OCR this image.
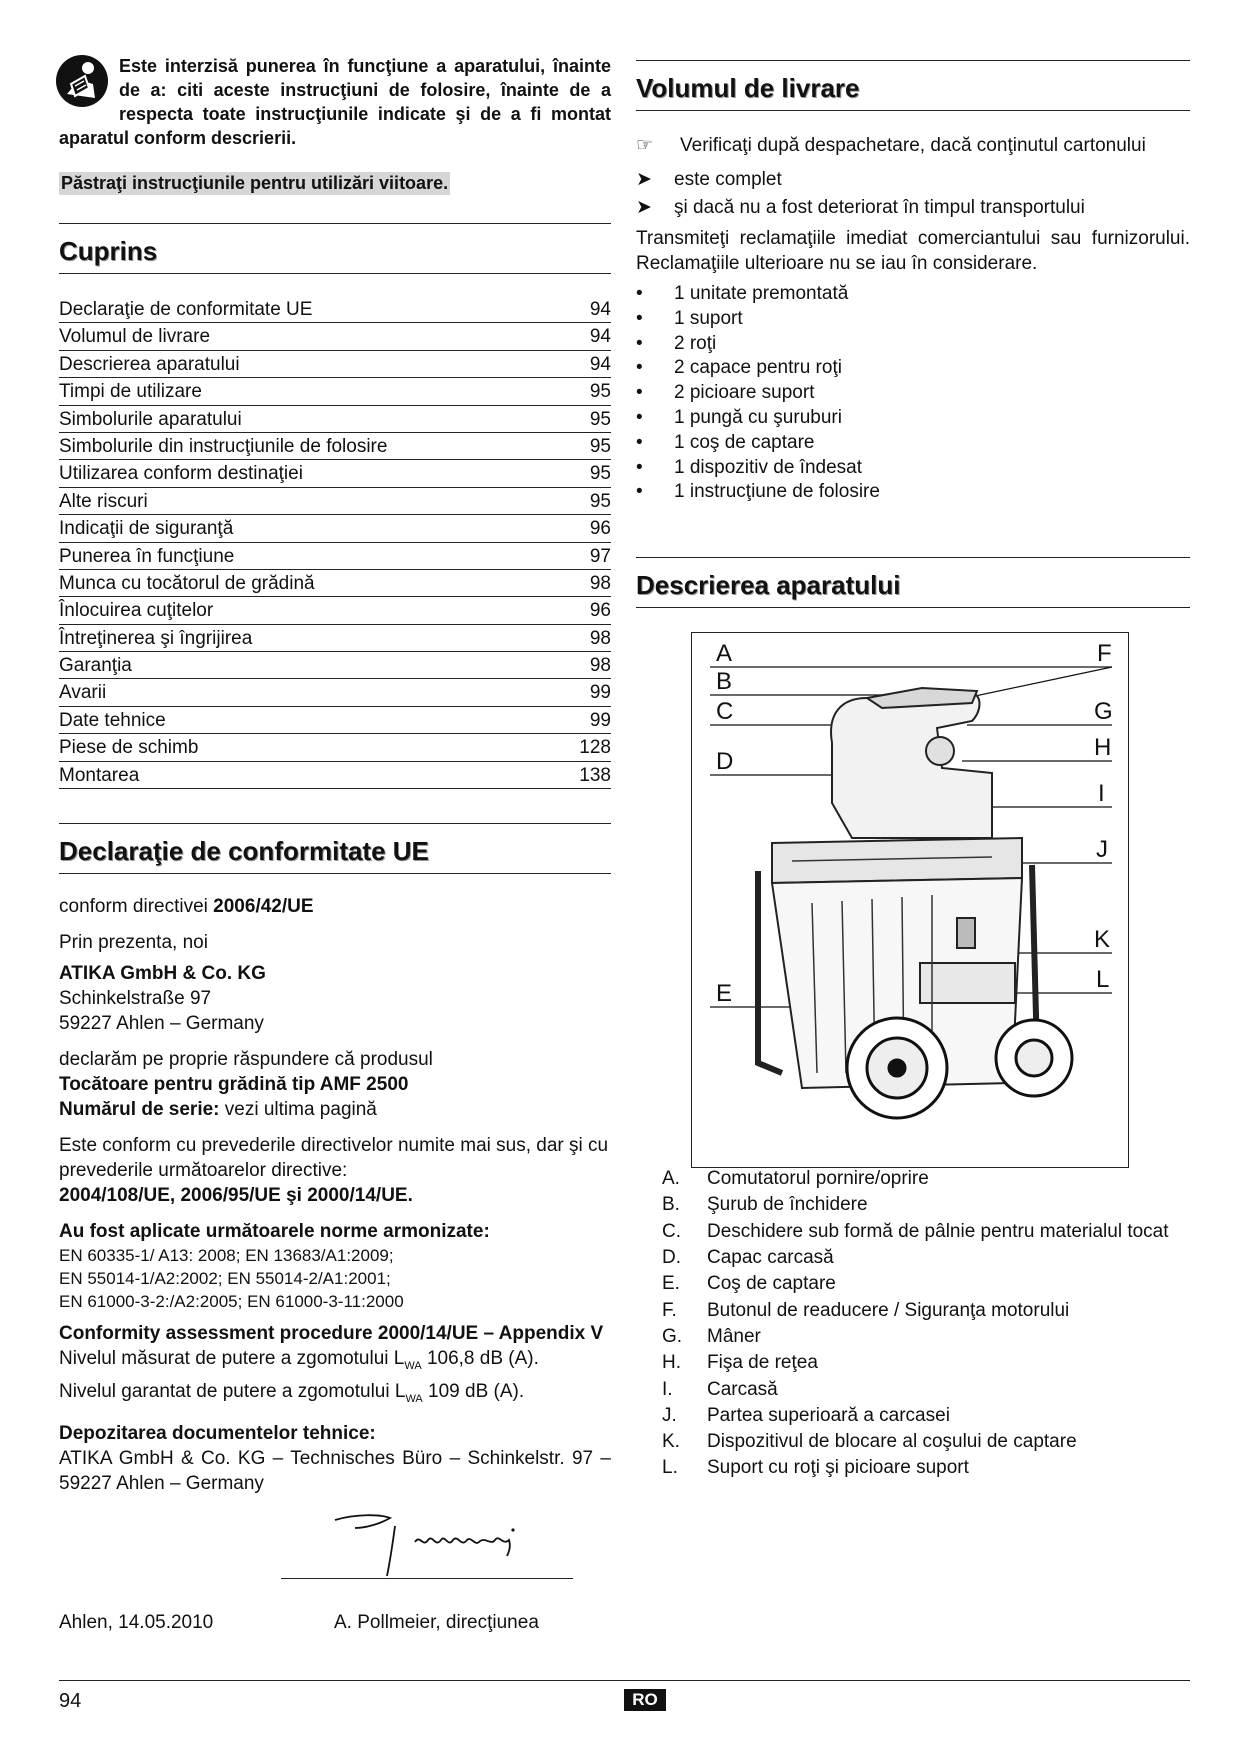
Este interzisă punerea în funcţiune a aparatului, înainte de a: citi aceste instrucţiuni de folosire, înainte de a respecta toate instrucţiunile indicate şi de a fi montat aparatul conform descrierii.
Păstraţi instrucţiunile pentru utilizări viitoare.
Cuprins
Declaraţie de conformitate UE	94
Volumul de livrare	94
Descrierea aparatului	94
Timpi de utilizare	95
Simbolurile aparatului	95
Simbolurile din instrucţiunile de folosire	95
Utilizarea conform destinaţiei	95
Alte riscuri	95
Indicaţii de siguranţă	96
Punerea în funcţiune	97
Munca cu tocătorul de grădină	98
Înlocuirea cuţitelor	96
Întreţinerea şi îngrijirea	98
Garanţia	98
Avarii	99
Date tehnice	99
Piese de schimb	128
Montarea	138
Declaraţie de conformitate UE

conform directivei 2006/42/UE

Prin prezenta, noi

ATIKA GmbH & Co. KG

Schinkelstraße 97

59227 Ahlen – Germany

declarăm pe proprie răspundere că produsul

Tocătoare pentru grădină tip AMF 2500

Numărul de serie: vezi ultima pagină

Este conform cu prevederile directivelor numite mai sus, dar şi cu prevederile următoarelor directive:

2004/108/UE, 2006/95/UE şi 2000/14/UE.

Au fost aplicate următoarele norme armonizate:

EN 60335-1/ A13: 2008; EN 13683/A1:2009;

EN 55014-1/A2:2002; EN 55014-2/A1:2001;

EN 61000-3-2:/A2:2005; EN 61000-3-11:2000

Conformity assessment procedure 2000/14/UE – Appendix V

Nivelul măsurat de putere a zgomotului $L_{WA}$ 106,8 dB (A).

Nivelul garantat de putere a zgomotului $L_{WA}$ 109 dB (A).

Depozitarea documentelor tehnice:

ATIKA GmbH & Co. KG – Technisches Büro – Schinkelstr. 97 – 59227 Ahlen – Germany

Ahlen, 14.05.2010	A. Pollmeier, direcţiunea
Volumul de livrare
☞	Verificaţi după despachetare, dacă conţinutul cartonului
➤	este complet
➤	şi dacă nu a fost deteriorat în timpul transportului

Transmiteţi reclamaţiile imediat comerciantului sau furnizorului. Reclamaţiile ulterioare nu se iau în considerare.

•	1 unitate premontată
•	1 suport
•	2 roţi
•	2 capace pentru roţi
•	2 picioare suport
•	1 pungă cu şuruburi
•	1 coş de captare
•	1 dispozitiv de îndesat
•	1 instrucţiune de folosire
Descrierea aparatului
A
B
C
D
E
F
G
H
I
J
K
L
A.	Comutatorul pornire/oprire
B.	Şurub de închidere
C.	Deschidere sub formă de pâlnie pentru materialul tocat
D.	Capac carcasă
E.	Coş de captare
F.	Butonul de readucere / Siguranţa motorului
G.	Mâner
H.	Fişa de reţea
I.	Carcasă
J.	Partea superioară a carcasei
K.	Dispozitivul de blocare al coşului de captare
L.	Suport cu roţi şi picioare suport
94	RO
